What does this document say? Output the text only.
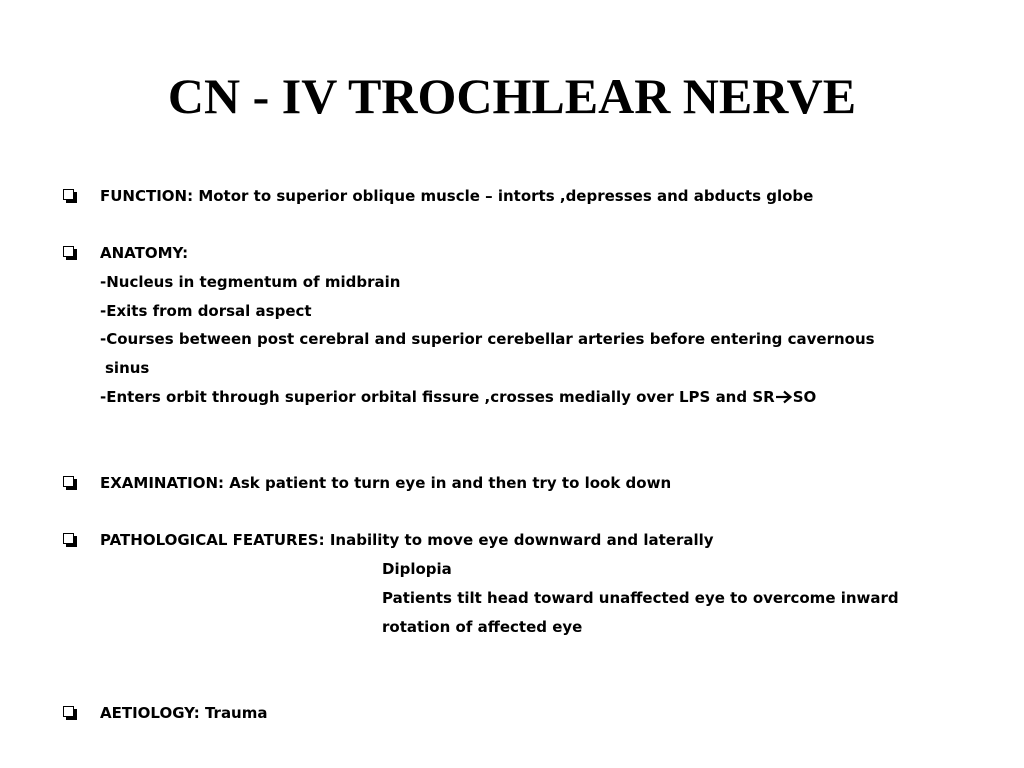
CN - IV TROCHLEAR NERVE
FUNCTION: Motor to superior oblique muscle – intorts ,depresses and abducts globe
ANATOMY:
-Nucleus in tegmentum of midbrain
-Exits from dorsal aspect
-Courses between post cerebral and superior cerebellar arteries before entering cavernous
sinus
-Enters orbit through superior orbital fissure ,crosses medially over LPS and SR SO
EXAMINATION: Ask patient to turn eye in and then try to look down
PATHOLOGICAL FEATURES: Inability to move eye downward and laterally
Diplopia
Patients tilt head toward unaffected eye to overcome inward
rotation of affected eye
AETIOLOGY: Trauma
